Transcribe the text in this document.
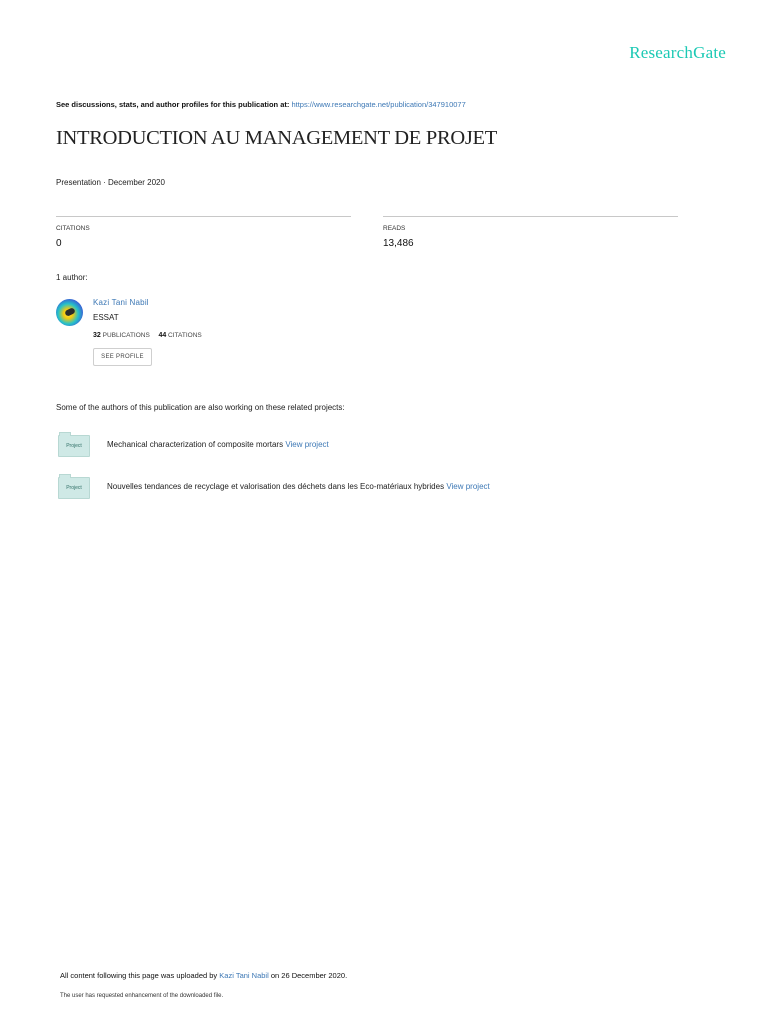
ResearchGate
See discussions, stats, and author profiles for this publication at: https://www.researchgate.net/publication/347910077
INTRODUCTION AU MANAGEMENT DE PROJET
Presentation · December 2020
CITATIONS
0
READS
13,486
1 author:
Kazi Tani Nabil
ESSAT
32 PUBLICATIONS 44 CITATIONS
SEE PROFILE
Some of the authors of this publication are also working on these related projects:
Project	Mechanical characterization of composite mortars View project
Project	Nouvelles tendances de recyclage et valorisation des déchets dans les Eco-matériaux hybrides View project
All content following this page was uploaded by Kazi Tani Nabil on 26 December 2020.
The user has requested enhancement of the downloaded file.
